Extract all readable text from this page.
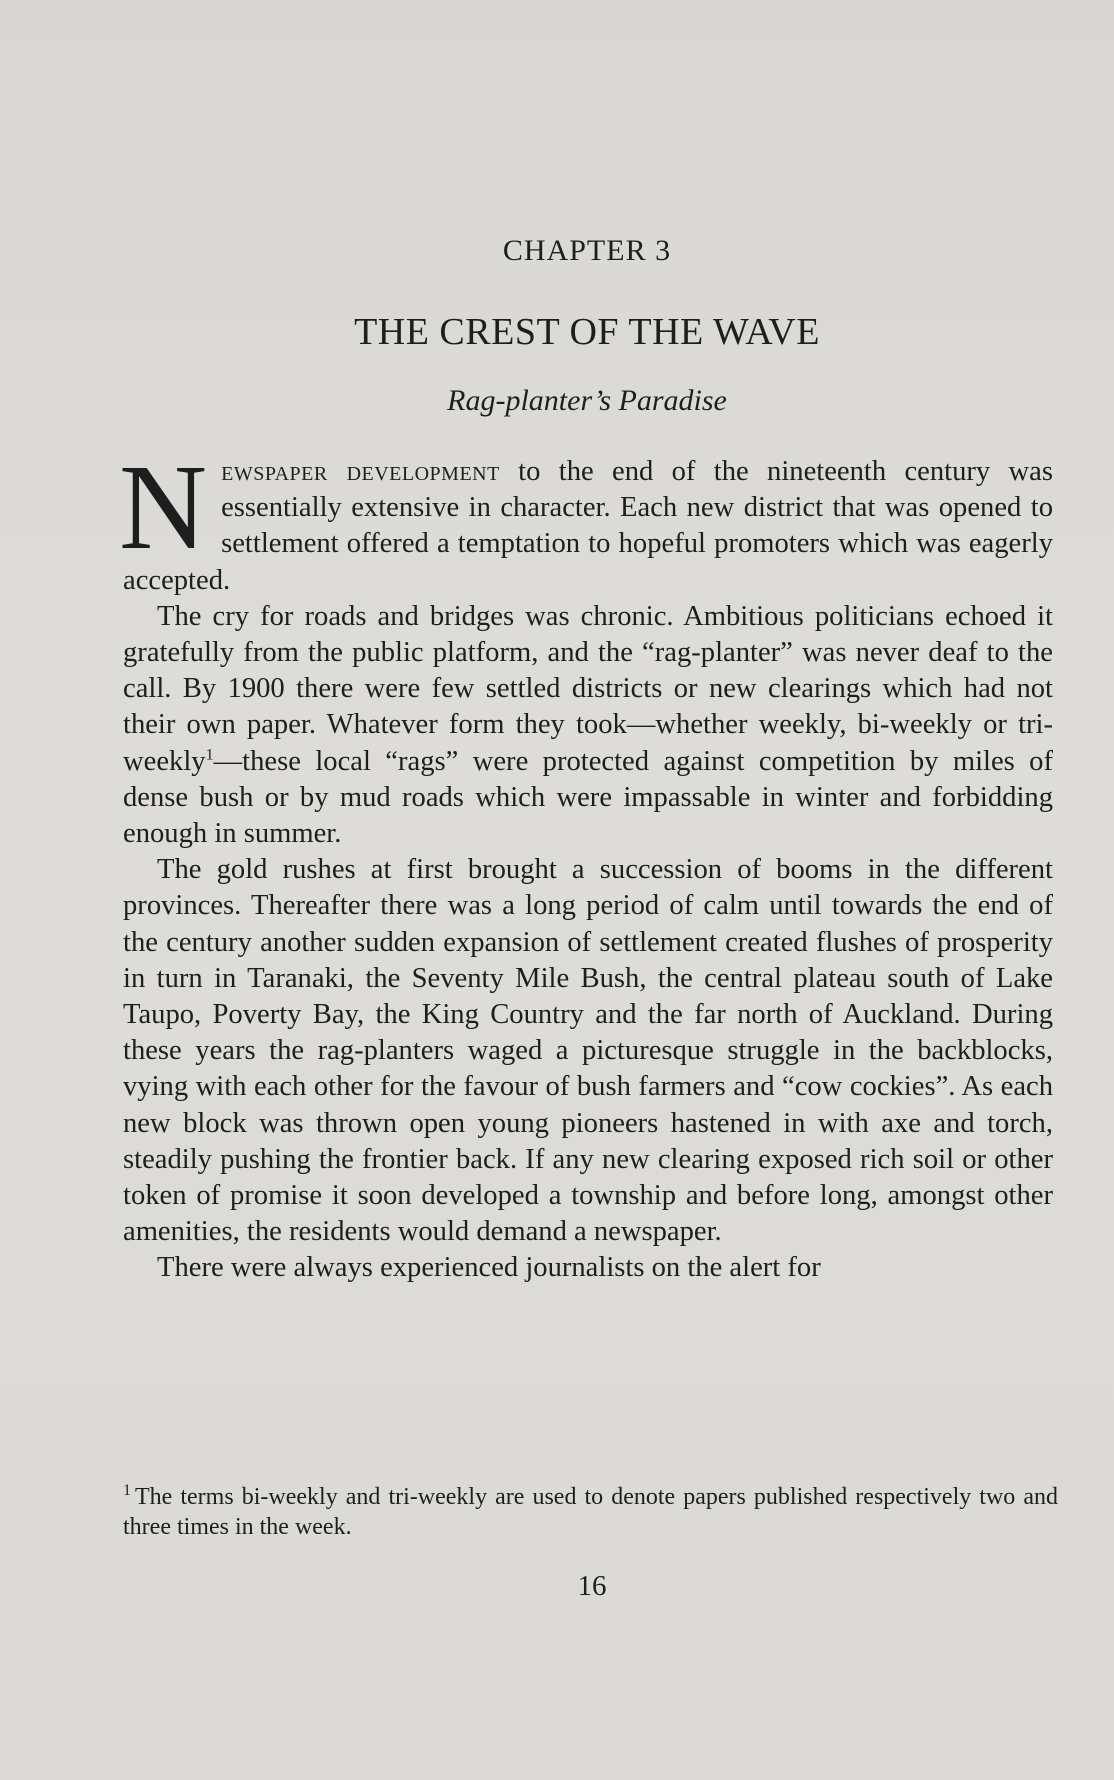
CHAPTER 3
THE CREST OF THE WAVE
Rag-planter’s Paradise

Newspaper development to the end of the nineteenth century was essentially extensive in character. Each new district that was opened to settlement offered a temptation to hopeful promoters which was eagerly accepted.

The cry for roads and bridges was chronic. Ambitious politicians echoed it gratefully from the public platform, and the “rag-planter” was never deaf to the call. By 1900 there were few settled districts or new clearings which had not their own paper. Whatever form they took—whether weekly, bi-weekly or tri-weekly$^1$—these local “rags” were protected against competition by miles of dense bush or by mud roads which were impassable in winter and forbidding enough in summer.

The gold rushes at first brought a succession of booms in the different provinces. Thereafter there was a long period of calm until towards the end of the century another sudden expansion of settlement created flushes of prosperity in turn in Taranaki, the Seventy Mile Bush, the central plateau south of Lake Taupo, Poverty Bay, the King Country and the far north of Auckland. During these years the rag-planters waged a picturesque struggle in the backblocks, vying with each other for the favour of bush farmers and “cow cockies”. As each new block was thrown open young pioneers hastened in with axe and torch, steadily pushing the frontier back. If any new clearing exposed rich soil or other token of promise it soon developed a township and before long, amongst other amenities, the residents would demand a newspaper.

There were always experienced journalists on the alert for

$^1$ The terms bi-weekly and tri-weekly are used to denote papers published respectively two and three times in the week.
16
